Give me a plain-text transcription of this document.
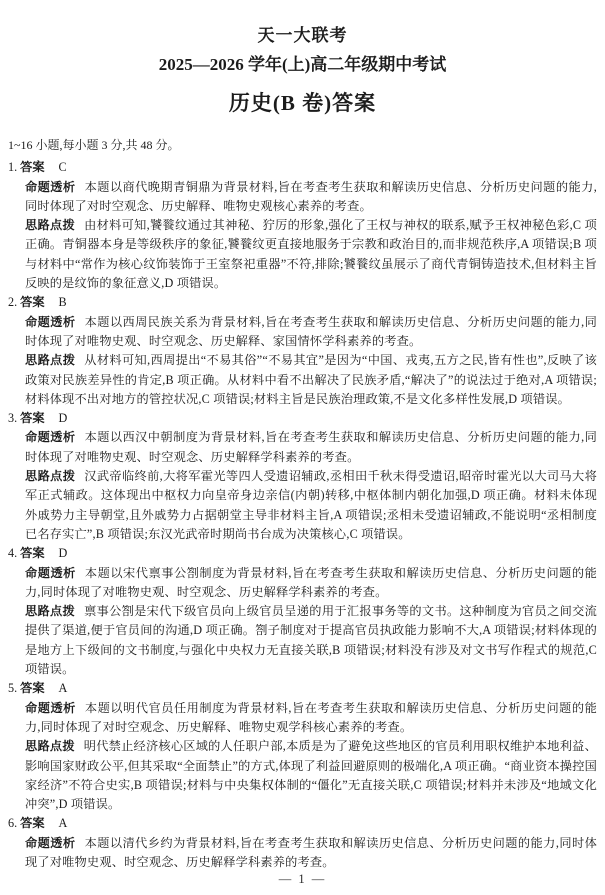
天一大联考
2025—2026 学年(上)高二年级期中考试
历史(B 卷)答案
1~16 小题,每小题 3 分,共 48 分。
1. 答案 C
命题透析 本题以商代晚期青铜鼎为背景材料,旨在考查考生获取和解读历史信息、分析历史问题的能力,同时体现了对时空观念、历史解释、唯物史观核心素养的考查。
思路点拨 由材料可知,饕餮纹通过其神秘、狞厉的形象,强化了王权与神权的联系,赋予王权神秘色彩,C 项正确。青铜器本身是等级秩序的象征,饕餮纹更直接地服务于宗教和政治目的,而非规范秩序,A 项错误;B 项与材料中“常作为核心纹饰装饰于王室祭祀重器”不符,排除;饕餮纹虽展示了商代青铜铸造技术,但材料主旨反映的是纹饰的象征意义,D 项错误。
2. 答案 B
命题透析 本题以西周民族关系为背景材料,旨在考查考生获取和解读历史信息、分析历史问题的能力,同时体现了对唯物史观、时空观念、历史解释、家国情怀学科素养的考查。
思路点拨 从材料可知,西周提出“不易其俗”“不易其宜”是因为“中国、戎夷,五方之民,皆有性也”,反映了该政策对民族差异性的肯定,B 项正确。从材料中看不出解决了民族矛盾,“解决了”的说法过于绝对,A 项错误;材料体现不出对地方的管控状况,C 项错误;材料主旨是民族治理政策,不是文化多样性发展,D 项错误。
3. 答案 D
命题透析 本题以西汉中朝制度为背景材料,旨在考查考生获取和解读历史信息、分析历史问题的能力,同时体现了对唯物史观、时空观念、历史解释学科素养的考查。
思路点拨 汉武帝临终前,大将军霍光等四人受遗诏辅政,丞相田千秋未得受遗诏,昭帝时霍光以大司马大将军正式辅政。这体现出中枢权力向皇帝身边亲信(内朝)转移,中枢体制内朝化加强,D 项正确。材料未体现外戚势力主导朝堂,且外戚势力占据朝堂主导非材料主旨,A 项错误;丞相未受遗诏辅政,不能说明“丞相制度已名存实亡”,B 项错误;东汉光武帝时期尚书台成为决策核心,C 项错误。
4. 答案 D
命题透析 本题以宋代禀事公劄制度为背景材料,旨在考查考生获取和解读历史信息、分析历史问题的能力,同时体现了对唯物史观、时空观念、历史解释学科素养的考查。
思路点拨 禀事公劄是宋代下级官员向上级官员呈递的用于汇报事务等的文书。这种制度为官员之间交流提供了渠道,便于官员间的沟通,D 项正确。劄子制度对于提高官员执政能力影响不大,A 项错误;材料体现的是地方上下级间的文书制度,与强化中央权力无直接关联,B 项错误;材料没有涉及对文书写作程式的规范,C 项错误。
5. 答案 A
命题透析 本题以明代官员任用制度为背景材料,旨在考查考生获取和解读历史信息、分析历史问题的能力,同时体现了对时空观念、历史解释、唯物史观学科核心素养的考查。
思路点拨 明代禁止经济核心区域的人任职户部,本质是为了避免这些地区的官员利用职权维护本地利益、影响国家财政公平,但其采取“全面禁止”的方式,体现了利益回避原则的极端化,A 项正确。“商业资本操控国家经济”不符合史实,B 项错误;材料与中央集权体制的“僵化”无直接关联,C 项错误;材料并未涉及“地域文化冲突”,D 项错误。
6. 答案 A
命题透析 本题以清代乡约为背景材料,旨在考查考生获取和解读历史信息、分析历史问题的能力,同时体现了对唯物史观、时空观念、历史解释学科素养的考查。
— 1 —
